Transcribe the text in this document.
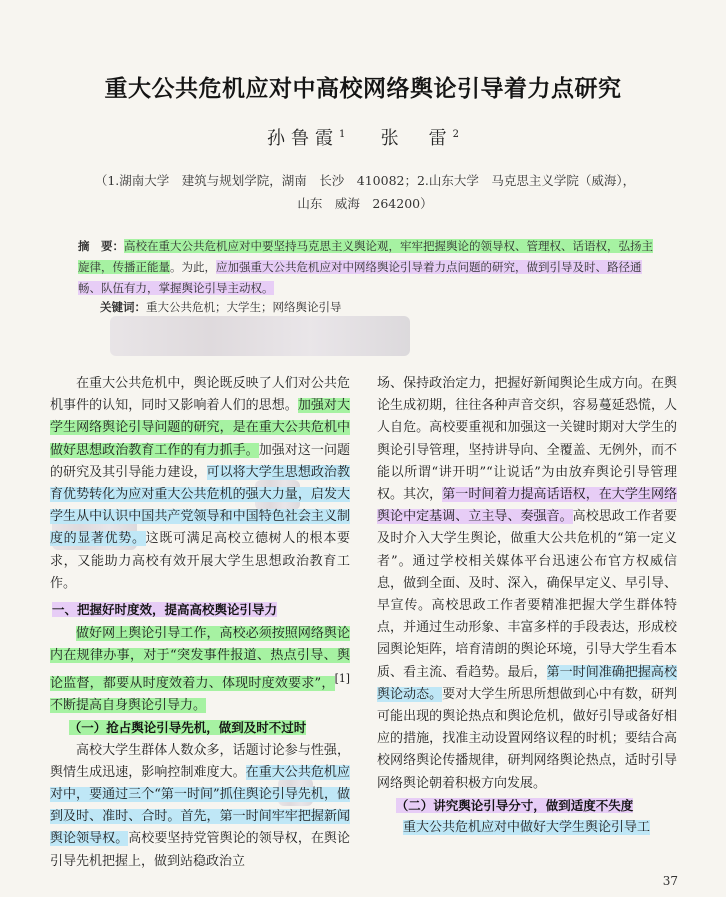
重大公共危机应对中高校网络舆论引导着力点研究
孙鲁霞$^1$ 张　雷$^2$
（1.湖南大学　建筑与规划学院，湖南　长沙　410082；2.山东大学　马克思主义学院（威海），
山东　威海　264200）
摘　要：高校在重大公共危机应对中要坚持马克思主义舆论观，牢牢把握舆论的领导权、管理权、话语权，弘扬主旋律，传播正能量。为此，应加强重大公共危机应对中网络舆论引导着力点问题的研究，做到引导及时、路径通畅、队伍有力，掌握舆论引导主动权。
关键词：重大公共危机；大学生；网络舆论引导

在重大公共危机中，舆论既反映了人们对公共危机事件的认知，同时又影响着人们的思想。加强对大学生网络舆论引导问题的研究，是在重大公共危机中做好思想政治教育工作的有力抓手。加强对这一问题的研究及其引导能力建设，可以将大学生思想政治教育优势转化为应对重大公共危机的强大力量，启发大学生从中认识中国共产党领导和中国特色社会主义制度的显著优势。这既可满足高校立德树人的根本要求，又能助力高校有效开展大学生思想政治教育工作。

一、把握好时度效，提高高校舆论引导力

做好网上舆论引导工作，高校必须按照网络舆论内在规律办事，对于“突发事件报道、热点引导、舆论监督，都要从时度效着力、体现时度效要求”，[1]不断提高自身舆论引导力。

（一）抢占舆论引导先机，做到及时不过时

高校大学生群体人数众多，话题讨论参与性强，舆情生成迅速，影响控制难度大。在重大公共危机应对中，要通过三个“第一时间”抓住舆论引导先机，做到及时、准时、合时。首先，第一时间牢牢把握新闻舆论领导权。高校要坚持党管舆论的领导权，在舆论引导先机把握上，做到站稳政治立

场、保持政治定力，把握好新闻舆论生成方向。在舆论生成初期，往往各种声音交织，容易蔓延恐慌，人人自危。高校要重视和加强这一关键时期对大学生的舆论引导管理，坚持讲导向、全覆盖、无例外，而不能以所谓“讲开明”“让说话”为由放弃舆论引导管理权。其次，第一时间着力提高话语权，在大学生网络舆论中定基调、立主导、奏强音。高校思政工作者要及时介入大学生舆论，做重大公共危机的“第一定义者”。通过学校相关媒体平台迅速公布官方权威信息，做到全面、及时、深入，确保早定义、早引导、早宣传。高校思政工作者要精准把握大学生群体特点，并通过生动形象、丰富多样的手段表达，形成校园舆论矩阵，培育清朗的舆论环境，引导大学生看本质、看主流、看趋势。最后，第一时间准确把握高校舆论动态。要对大学生所思所想做到心中有数，研判可能出现的舆论热点和舆论危机，做好引导或备好相应的措施，找准主动设置网络议程的时机；要结合高校网络舆论传播规律，研判网络舆论热点，适时引导网络舆论朝着积极方向发展。

（二）讲究舆论引导分寸，做到适度不失度

重大公共危机应对中做好大学生舆论引导工

37
